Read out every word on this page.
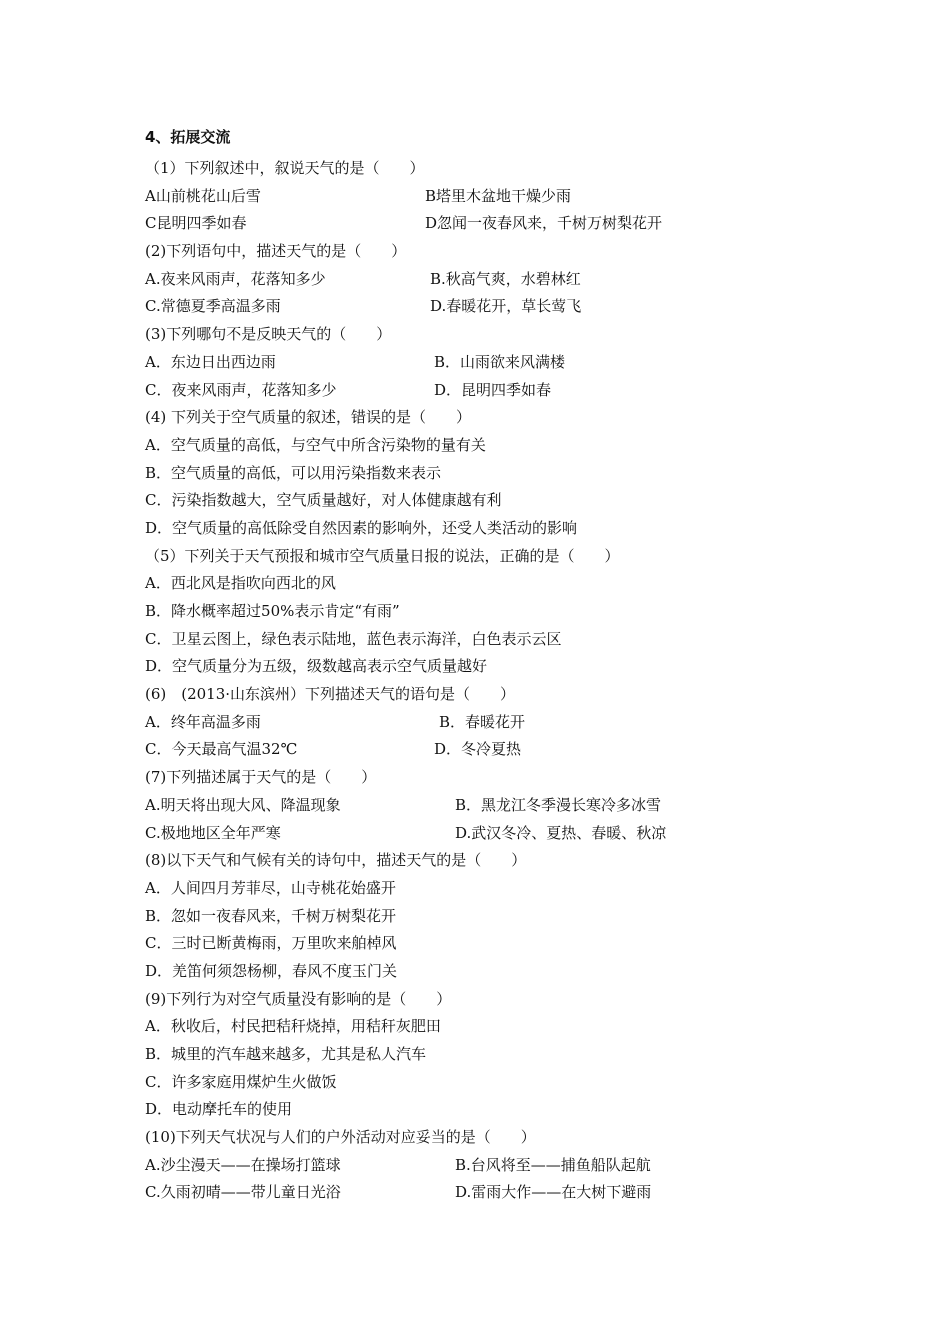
4、拓展交流
（1）下列叙述中，叙说天气的是（　　）
A山前桃花山后雪	B塔里木盆地干燥少雨
C昆明四季如春	D忽闻一夜春风来，千树万树梨花开
(2)下列语句中，描述天气的是（　　）
A.夜来风雨声，花落知多少	B.秋高气爽，水碧林红
C.常德夏季高温多雨	D.春暖花开，草长莺飞
(3)下列哪句不是反映天气的（　　）
A．东边日出西边雨	B．山雨欲来风满楼
C．夜来风雨声，花落知多少	D．昆明四季如春
(4) 下列关于空气质量的叙述，错误的是（　　）
A．空气质量的高低，与空气中所含污染物的量有关
B．空气质量的高低，可以用污染指数来表示
C．污染指数越大，空气质量越好，对人体健康越有利
D．空气质量的高低除受自然因素的影响外，还受人类活动的影响
（5）下列关于天气预报和城市空气质量日报的说法，正确的是（　　）
A．西北风是指吹向西北的风
B．降水概率超过50%表示肯定“有雨”
C．卫星云图上，绿色表示陆地，蓝色表示海洋，白色表示云区
D．空气质量分为五级，级数越高表示空气质量越好
(6)　(2013·山东滨州）下列描述天气的语句是（　　）
A．终年高温多雨	B．春暖花开
C．今天最高气温32℃	D．冬冷夏热
(7)下列描述属于天气的是（　　）
A.明天将出现大风、降温现象	B．黑龙江冬季漫长寒冷多冰雪
C.极地地区全年严寒	D.武汉冬冷、夏热、春暖、秋凉
(8)以下天气和气候有关的诗句中，描述天气的是（　　）
A．人间四月芳菲尽，山寺桃花始盛开
B．忽如一夜春风来，千树万树梨花开
C．三时已断黄梅雨，万里吹来舶棹风
D．羌笛何须怨杨柳，春风不度玉门关
(9)下列行为对空气质量没有影响的是（　　）
A．秋收后，村民把秸秆烧掉，用秸秆灰肥田
B．城里的汽车越来越多，尤其是私人汽车
C．许多家庭用煤炉生火做饭
D．电动摩托车的使用
(10)下列天气状况与人们的户外活动对应妥当的是（　　）
A.沙尘漫天——在操场打篮球	B.台风将至——捕鱼船队起航
C.久雨初晴——带儿童日光浴	D.雷雨大作——在大树下避雨
